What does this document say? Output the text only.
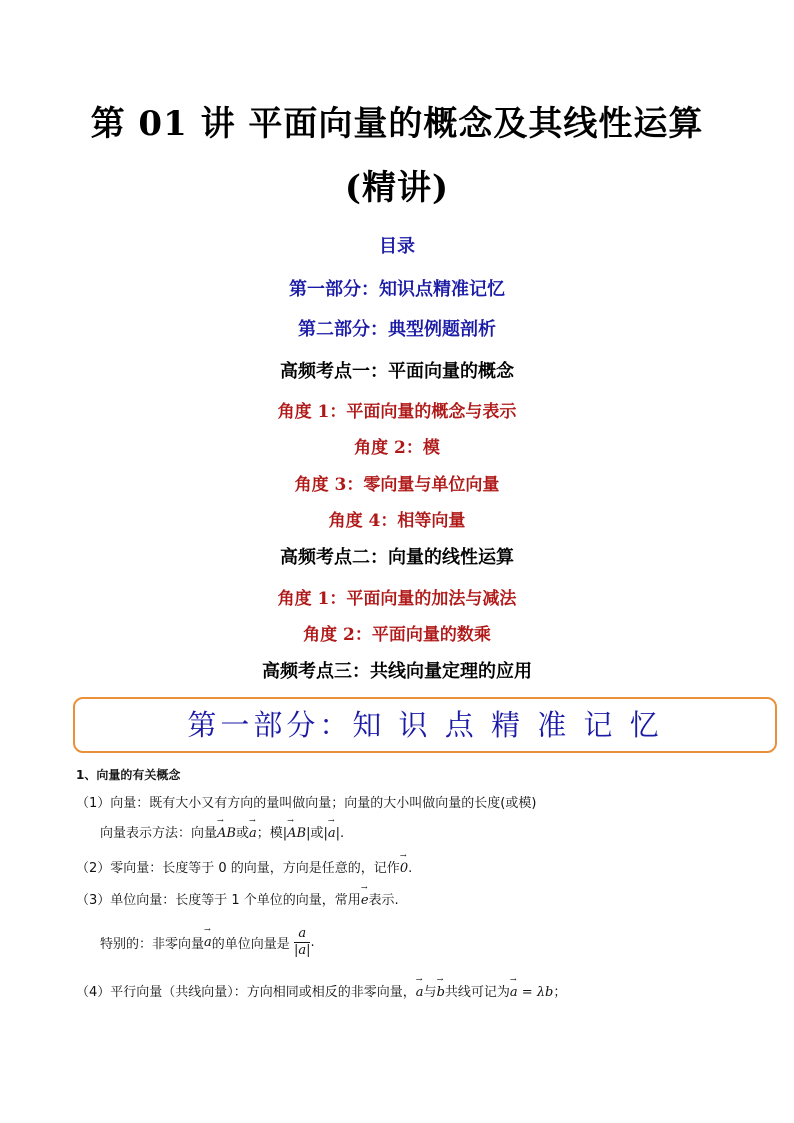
第 01 讲 平面向量的概念及其线性运算
(精讲)
目录
第一部分：知识点精准记忆
第二部分：典型例题剖析
高频考点一：平面向量的概念
角度 1：平面向量的概念与表示
角度 2：模
角度 3：零向量与单位向量
角度 4：相等向量
高频考点二：向量的线性运算
角度 1：平面向量的加法与减法
角度 2：平面向量的数乘
高频考点三：共线向量定理的应用
第一部分：知 识 点 精 准 记 忆
1、向量的有关概念
（1）向量：既有大小又有方向的量叫做向量；向量的大小叫做向量的长度(或模)
向量表示方法：向量→ AB或→ a；模|→ AB|或|→ a|.
（2）零向量：长度等于 0 的向量，方向是任意的，记作→ 0.
（3）单位向量：长度等于 1 个单位的向量，常用→ e表示.
特别的：非零向量→ a的单位向量是 $\frac{a}{|a|}$ .
（4）平行向量（共线向量）：方向相同或相反的非零向量，→ a与→ b共线可记为→ a = λb；
